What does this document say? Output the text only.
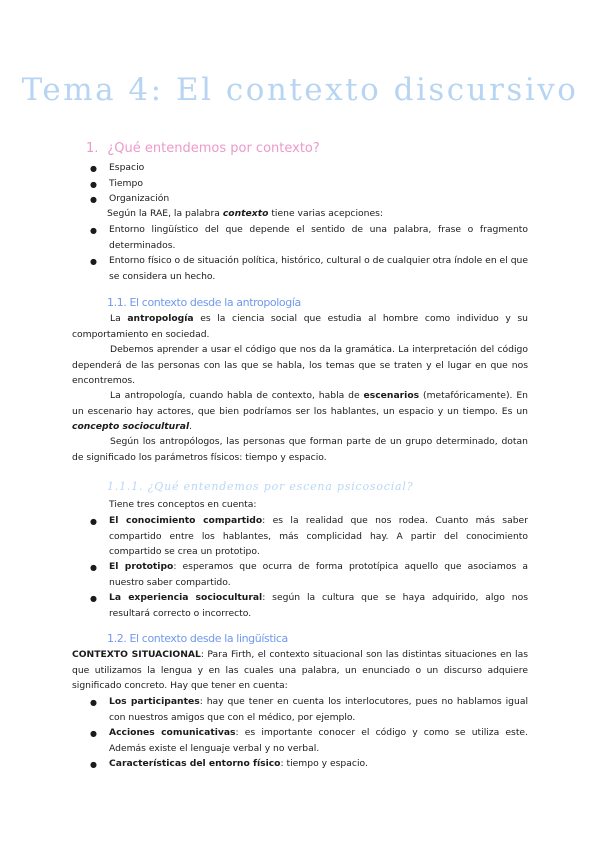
Tema 4: El contexto discursivo
1. ¿Qué entendemos por contexto?
● Espacio
● Tiempo
● Organización
Según la RAE, la palabra contexto tiene varias acepciones:
● Entorno lingüístico del que depende el sentido de una palabra, frase o fragmento determinados.
● Entorno físico o de situación política, histórico, cultural o de cualquier otra índole en el que se considera un hecho.
1.1. El contexto desde la antropología
La antropología es la ciencia social que estudia al hombre como individuo y su comportamiento en sociedad.
Debemos aprender a usar el código que nos da la gramática. La interpretación del código dependerá de las personas con las que se habla, los temas que se traten y el lugar en que nos encontremos.
La antropología, cuando habla de contexto, habla de escenarios (metafóricamente). En un escenario hay actores, que bien podríamos ser los hablantes, un espacio y un tiempo. Es un concepto sociocultural.
Según los antropólogos, las personas que forman parte de un grupo determinado, dotan de significado los parámetros físicos: tiempo y espacio.
1.1.1. ¿Qué entendemos por escena psicosocial?
Tiene tres conceptos en cuenta:
● El conocimiento compartido: es la realidad que nos rodea. Cuanto más saber compartido entre los hablantes, más complicidad hay. A partir del conocimiento compartido se crea un prototipo.
● El prototipo: esperamos que ocurra de forma prototípica aquello que asociamos a nuestro saber compartido.
● La experiencia sociocultural: según la cultura que se haya adquirido, algo nos resultará correcto o incorrecto.
1.2. El contexto desde la lingüística
CONTEXTO SITUACIONAL: Para Firth, el contexto situacional son las distintas situaciones en las que utilizamos la lengua y en las cuales una palabra, un enunciado o un discurso adquiere significado concreto. Hay que tener en cuenta:
● Los participantes: hay que tener en cuenta los interlocutores, pues no hablamos igual con nuestros amigos que con el médico, por ejemplo.
● Acciones comunicativas: es importante conocer el código y como se utiliza este. Además existe el lenguaje verbal y no verbal.
● Características del entorno físico: tiempo y espacio.
